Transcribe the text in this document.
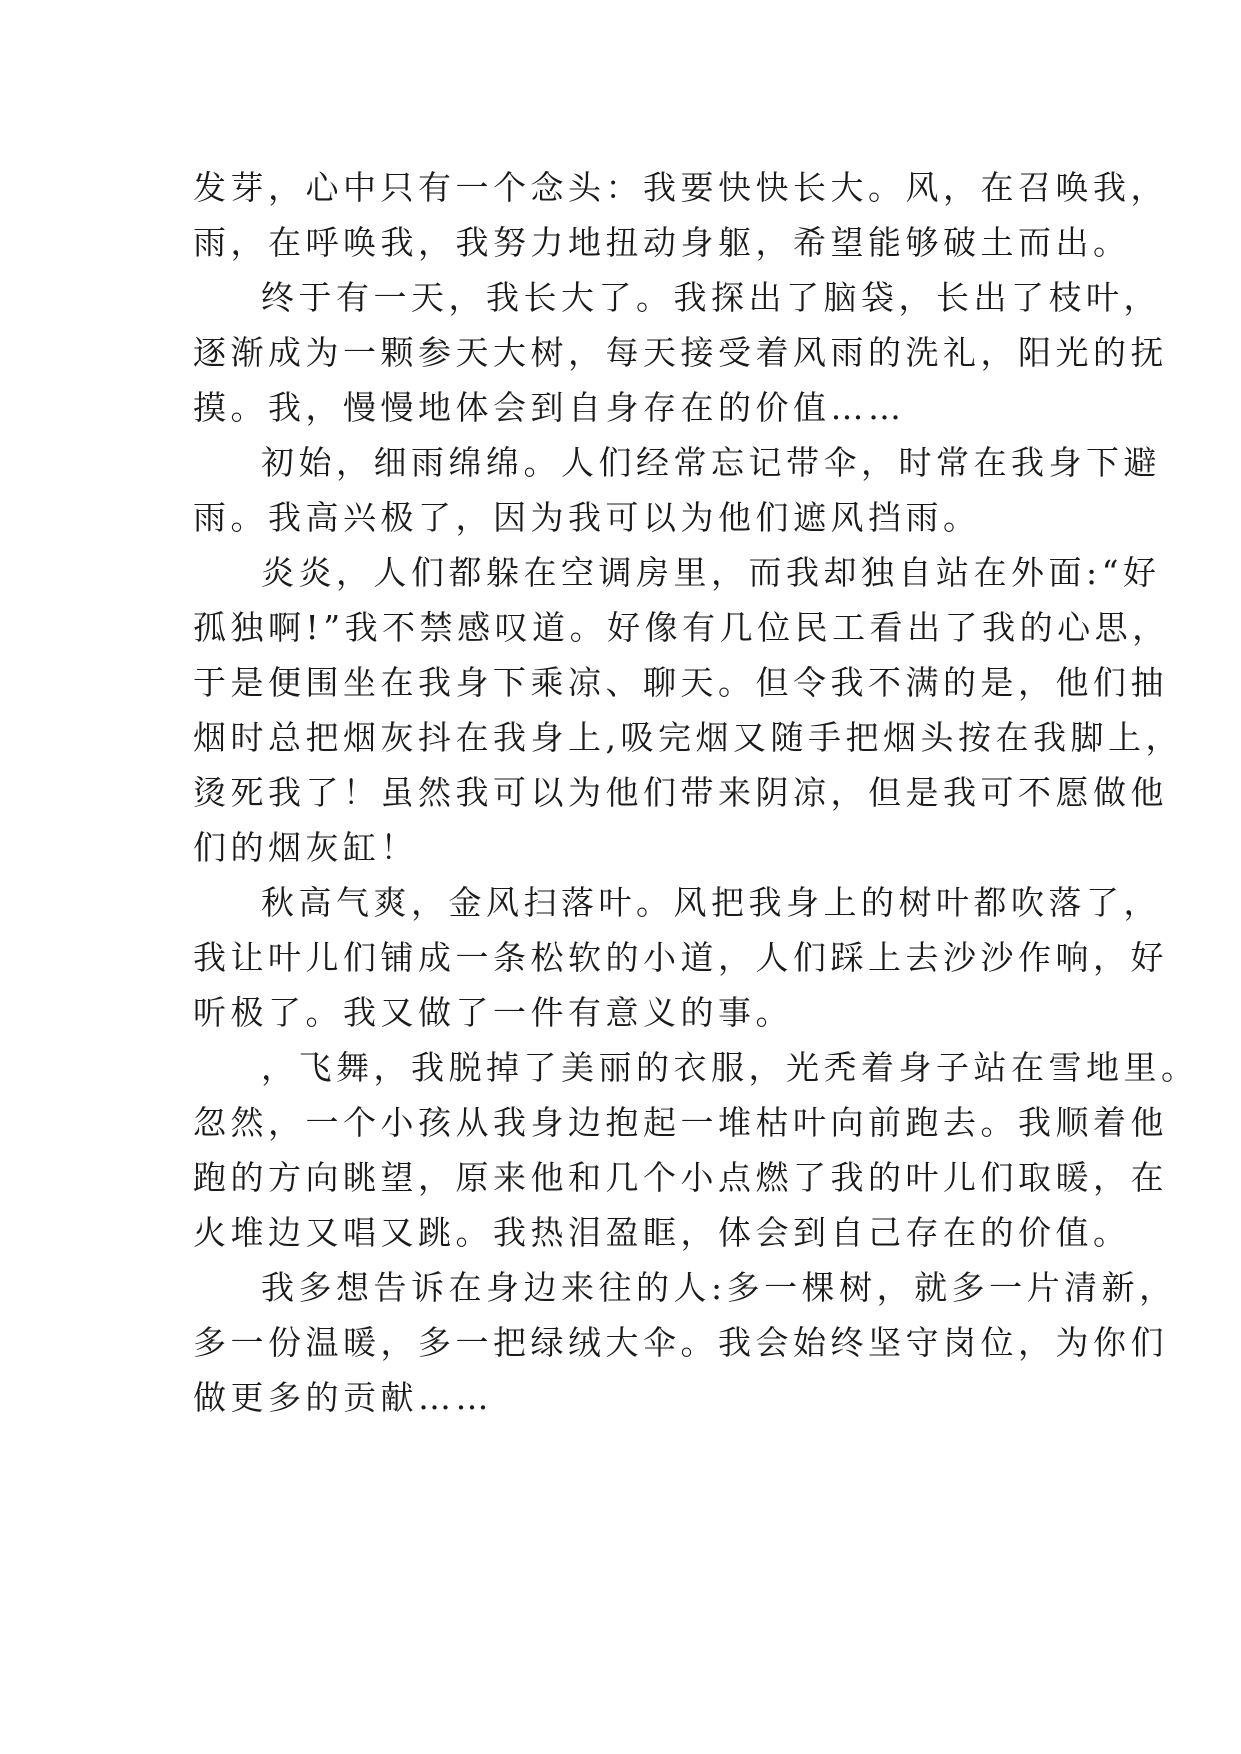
发芽，心中只有一个念头：我要快快长大。风，在召唤我，
雨，在呼唤我，我努力地扭动身躯，希望能够破土而出。
终于有一天，我长大了。我探出了脑袋，长出了枝叶，
逐渐成为一颗参天大树，每天接受着风雨的洗礼，阳光的抚
摸。我，慢慢地体会到自身存在的价值……
初始，细雨绵绵。人们经常忘记带伞，时常在我身下避
雨。我高兴极了，因为我可以为他们遮风挡雨。
炎炎，人们都躲在空调房里，而我却独自站在外面:“好
孤独啊!”我不禁感叹道。好像有几位民工看出了我的心思，
于是便围坐在我身下乘凉、聊天。但令我不满的是，他们抽
烟时总把烟灰抖在我身上,吸完烟又随手把烟头按在我脚上，
烫死我了！虽然我可以为他们带来阴凉，但是我可不愿做他
们的烟灰缸！
秋高气爽，金风扫落叶。风把我身上的树叶都吹落了，
我让叶儿们铺成一条松软的小道，人们踩上去沙沙作响，好
听极了。我又做了一件有意义的事。
，飞舞，我脱掉了美丽的衣服，光秃着身子站在雪地里。
忽然，一个小孩从我身边抱起一堆枯叶向前跑去。我顺着他
跑的方向眺望，原来他和几个小点燃了我的叶儿们取暖，在
火堆边又唱又跳。我热泪盈眶，体会到自己存在的价值。
我多想告诉在身边来往的人:多一棵树，就多一片清新，
多一份温暖，多一把绿绒大伞。我会始终坚守岗位，为你们
做更多的贡献……
